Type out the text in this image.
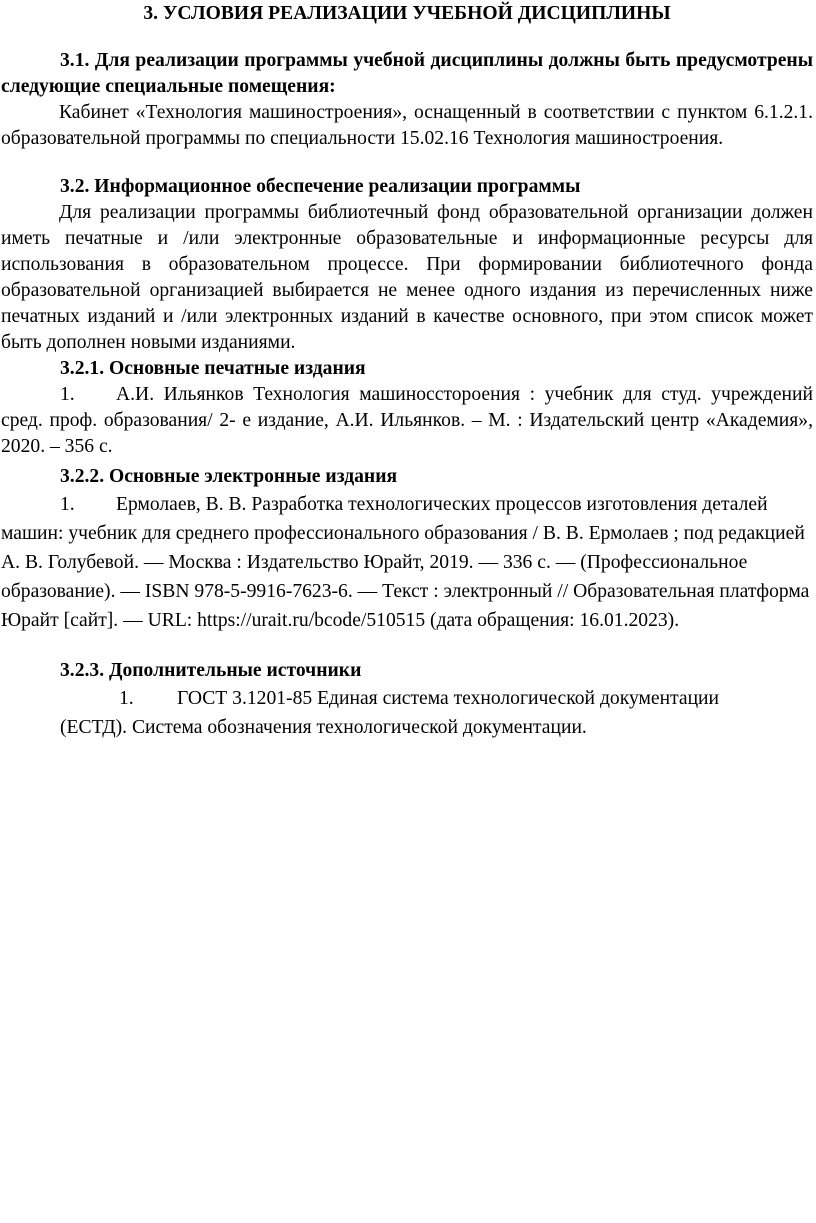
3. УСЛОВИЯ РЕАЛИЗАЦИИ УЧЕБНОЙ ДИСЦИПЛИНЫ

3.1. Для реализации программы учебной дисциплины должны быть предусмотрены следующие специальные помещения:

Кабинет «Технология машиностроения», оснащенный в соответствии с пунктом 6.1.2.1. образовательной программы по специальности 15.02.16 Технология машиностроения.

3.2. Информационное обеспечение реализации программы

Для реализации программы библиотечный фонд образовательной организации должен иметь печатные и /или электронные образовательные и информационные ресурсы для использования в образовательном процессе. При формировании библиотечного фонда образовательной организацией выбирается не менее одного издания из перечисленных ниже печатных изданий и /или электронных изданий в качестве основного, при этом список может быть дополнен новыми изданиями.

3.2.1. Основные печатные издания

1. А.И. Ильянков Технология машинoccтороения : учебник для студ. учреждений сред. проф. образования/ 2- е издание, А.И. Ильянков. – М. : Издательский центр «Академия», 2020. – 356 с.

3.2.2. Основные электронные издания

1. Ермолаев, В. В. Разработка технологических процессов изготовления деталей машин: учебник для среднего профессионального образования / В. В. Ермолаев ; под редакцией А. В. Голубевой. — Москва : Издательство Юрайт, 2019. — 336 с. — (Профессиональное образование). — ISBN 978-5-9916-7623-6. — Текст : электронный // Образовательная платформа Юрайт [сайт]. — URL: https://urait.ru/bcode/510515 (дата обращения: 16.01.2023).

3.2.3. Дополнительные источники

1. ГОСТ 3.1201-85 Единая система технологической документации
(ЕСТД). Система обозначения технологической документации.
